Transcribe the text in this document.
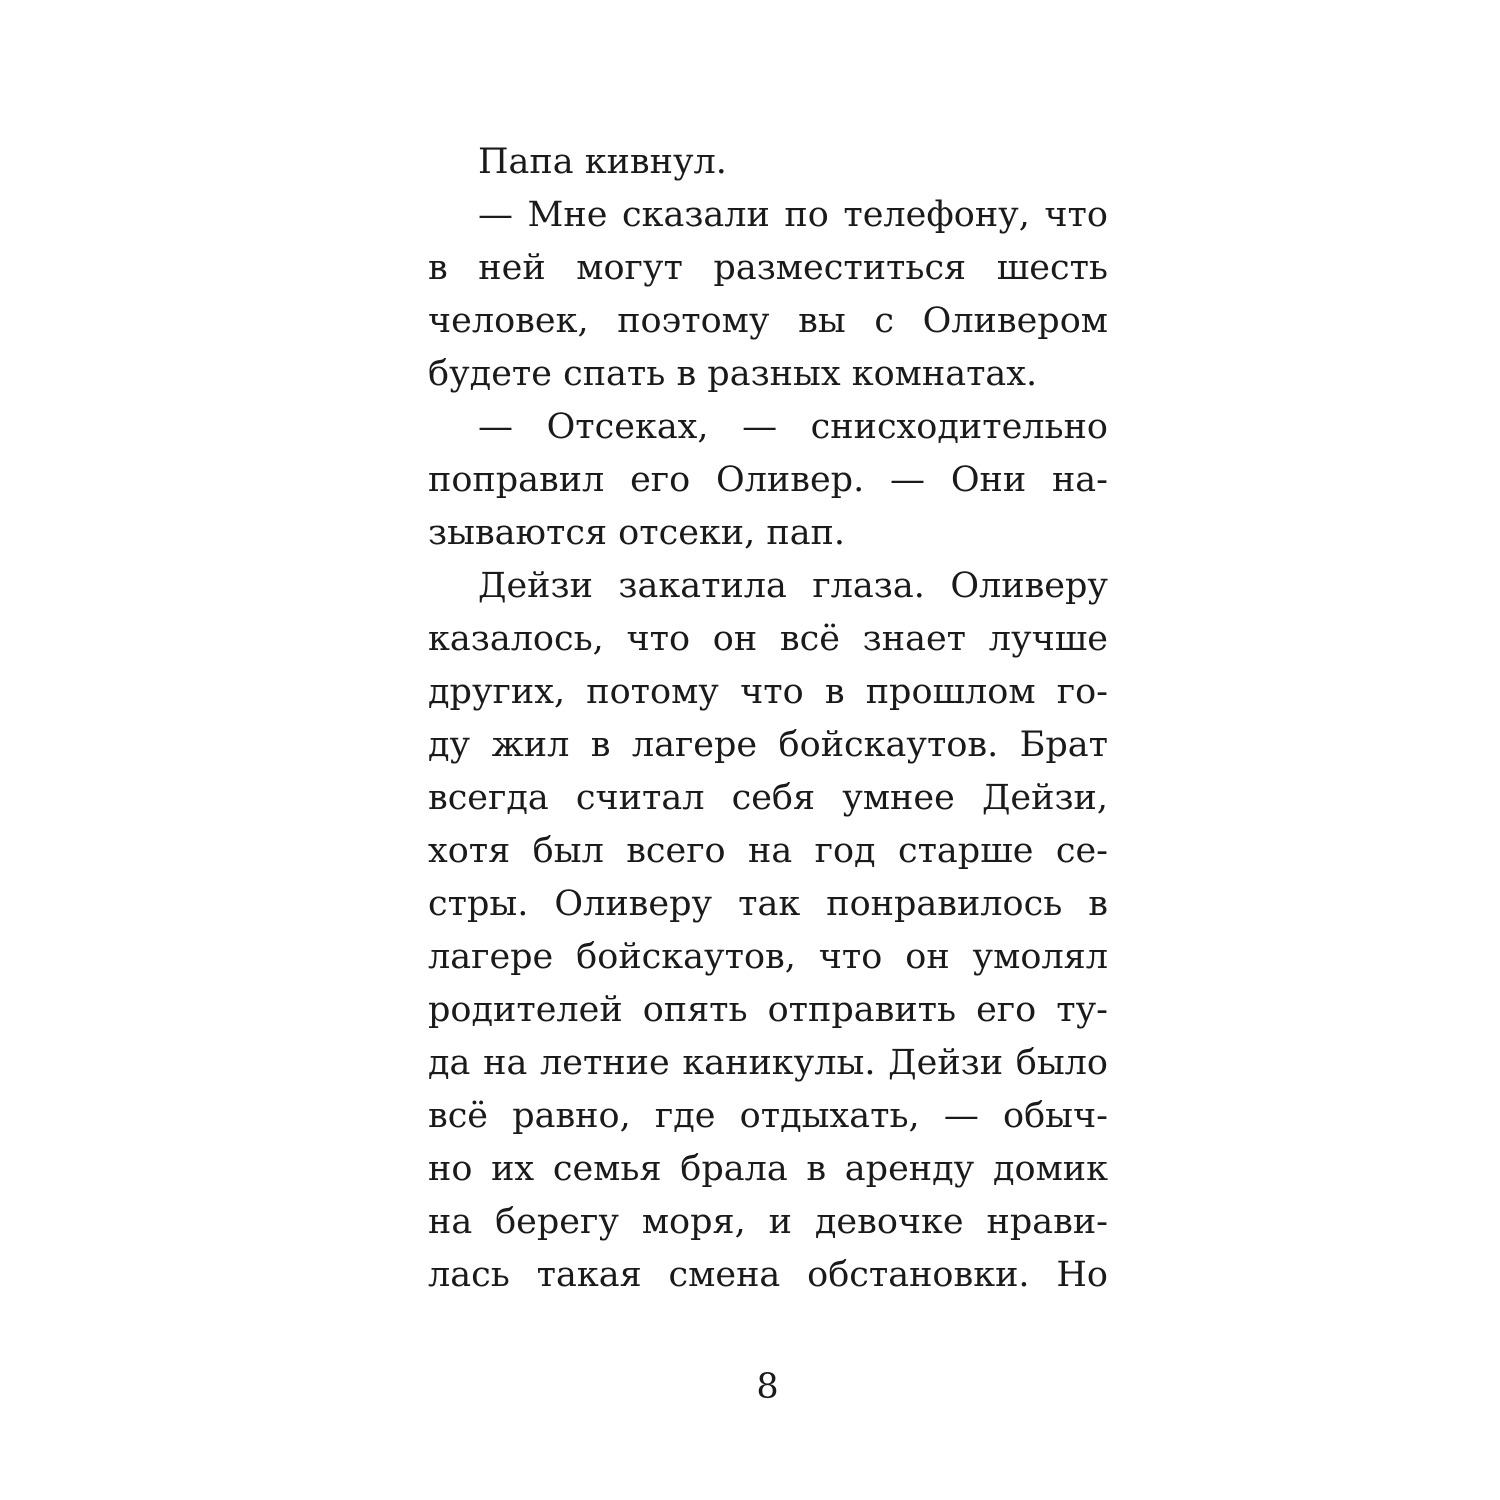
Папа кивнул.
— Мне сказали по телефону, что
в ней могут разместиться шесть
человек, поэтому вы с Оливером
будете спать в разных комнатах.
— Отсеках, — снисходительно
поправил его Оливер. — Они на-
зываются отсеки, пап.
Дейзи закатила глаза. Оливеру
казалось, что он всё знает лучше
других, потому что в прошлом го-
ду жил в лагере бойскаутов. Брат
всегда считал себя умнее Дейзи,
хотя был всего на год старше се-
стры. Оливеру так понравилось в
лагере бойскаутов, что он умолял
родителей опять отправить его ту-
да на летние каникулы. Дейзи было
всё равно, где отдыхать, — обыч-
но их семья брала в аренду домик
на берегу моря, и девочке нрави-
лась такая смена обстановки. Но
8
